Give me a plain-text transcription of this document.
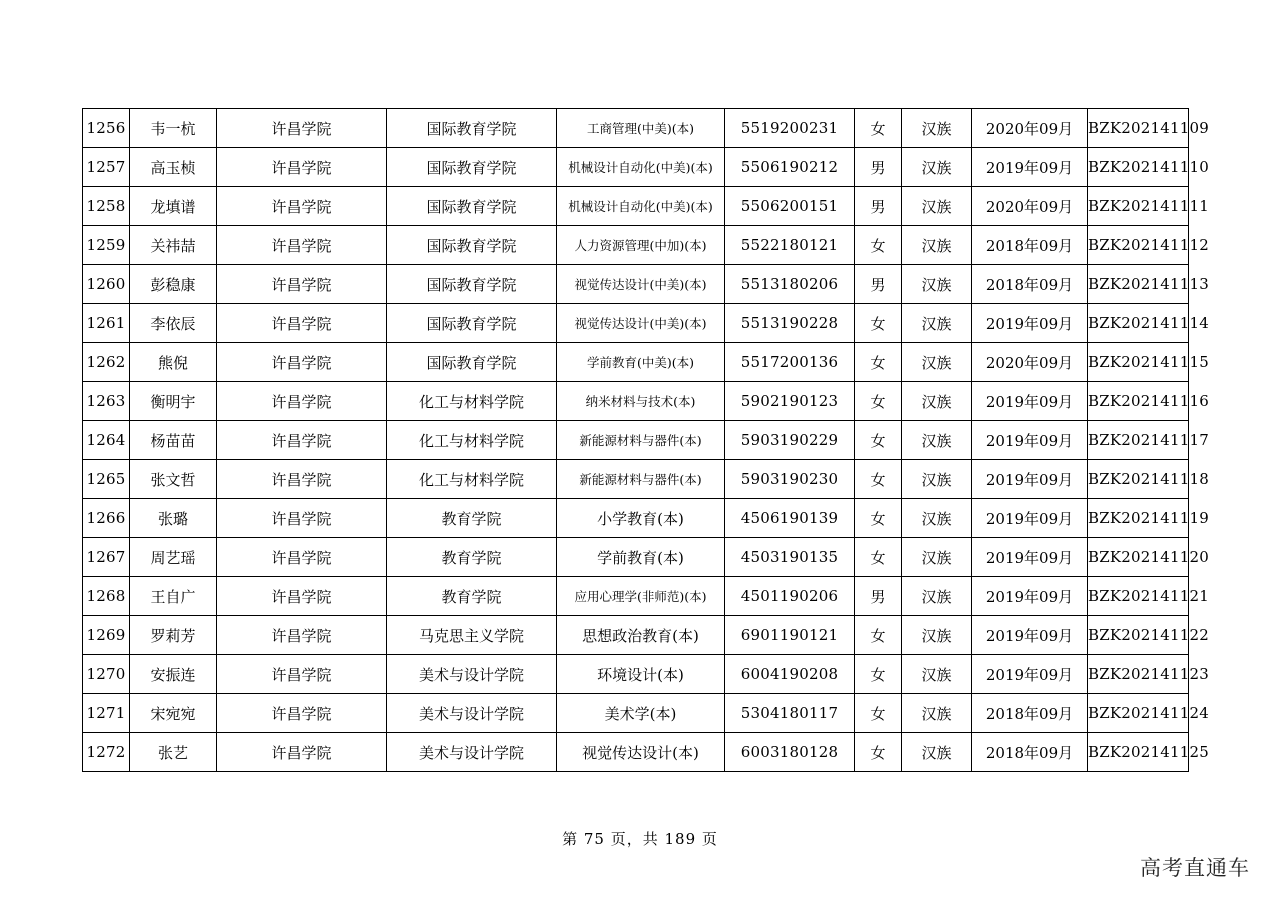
1256	韦一杭	许昌学院	国际教育学院	工商管理(中美)(本)	5519200231	女	汉族	2020年09月	BZK202141109
1257	高玉桢	许昌学院	国际教育学院	机械设计自动化(中美)(本)	5506190212	男	汉族	2019年09月	BZK202141110
1258	龙填谱	许昌学院	国际教育学院	机械设计自动化(中美)(本)	5506200151	男	汉族	2020年09月	BZK202141111
1259	关祎喆	许昌学院	国际教育学院	人力资源管理(中加)(本)	5522180121	女	汉族	2018年09月	BZK202141112
1260	彭稳康	许昌学院	国际教育学院	视觉传达设计(中美)(本)	5513180206	男	汉族	2018年09月	BZK202141113
1261	李依辰	许昌学院	国际教育学院	视觉传达设计(中美)(本)	5513190228	女	汉族	2019年09月	BZK202141114
1262	熊倪	许昌学院	国际教育学院	学前教育(中美)(本)	5517200136	女	汉族	2020年09月	BZK202141115
1263	衡明宇	许昌学院	化工与材料学院	纳米材料与技术(本)	5902190123	女	汉族	2019年09月	BZK202141116
1264	杨苗苗	许昌学院	化工与材料学院	新能源材料与器件(本)	5903190229	女	汉族	2019年09月	BZK202141117
1265	张文哲	许昌学院	化工与材料学院	新能源材料与器件(本)	5903190230	女	汉族	2019年09月	BZK202141118
1266	张璐	许昌学院	教育学院	小学教育(本)	4506190139	女	汉族	2019年09月	BZK202141119
1267	周艺瑶	许昌学院	教育学院	学前教育(本)	4503190135	女	汉族	2019年09月	BZK202141120
1268	王自广	许昌学院	教育学院	应用心理学(非师范)(本)	4501190206	男	汉族	2019年09月	BZK202141121
1269	罗莉芳	许昌学院	马克思主义学院	思想政治教育(本)	6901190121	女	汉族	2019年09月	BZK202141122
1270	安振连	许昌学院	美术与设计学院	环境设计(本)	6004190208	女	汉族	2019年09月	BZK202141123
1271	宋宛宛	许昌学院	美术与设计学院	美术学(本)	5304180117	女	汉族	2018年09月	BZK202141124
1272	张艺	许昌学院	美术与设计学院	视觉传达设计(本)	6003180128	女	汉族	2018年09月	BZK202141125
第 75 页，共 189 页
高考直通车
